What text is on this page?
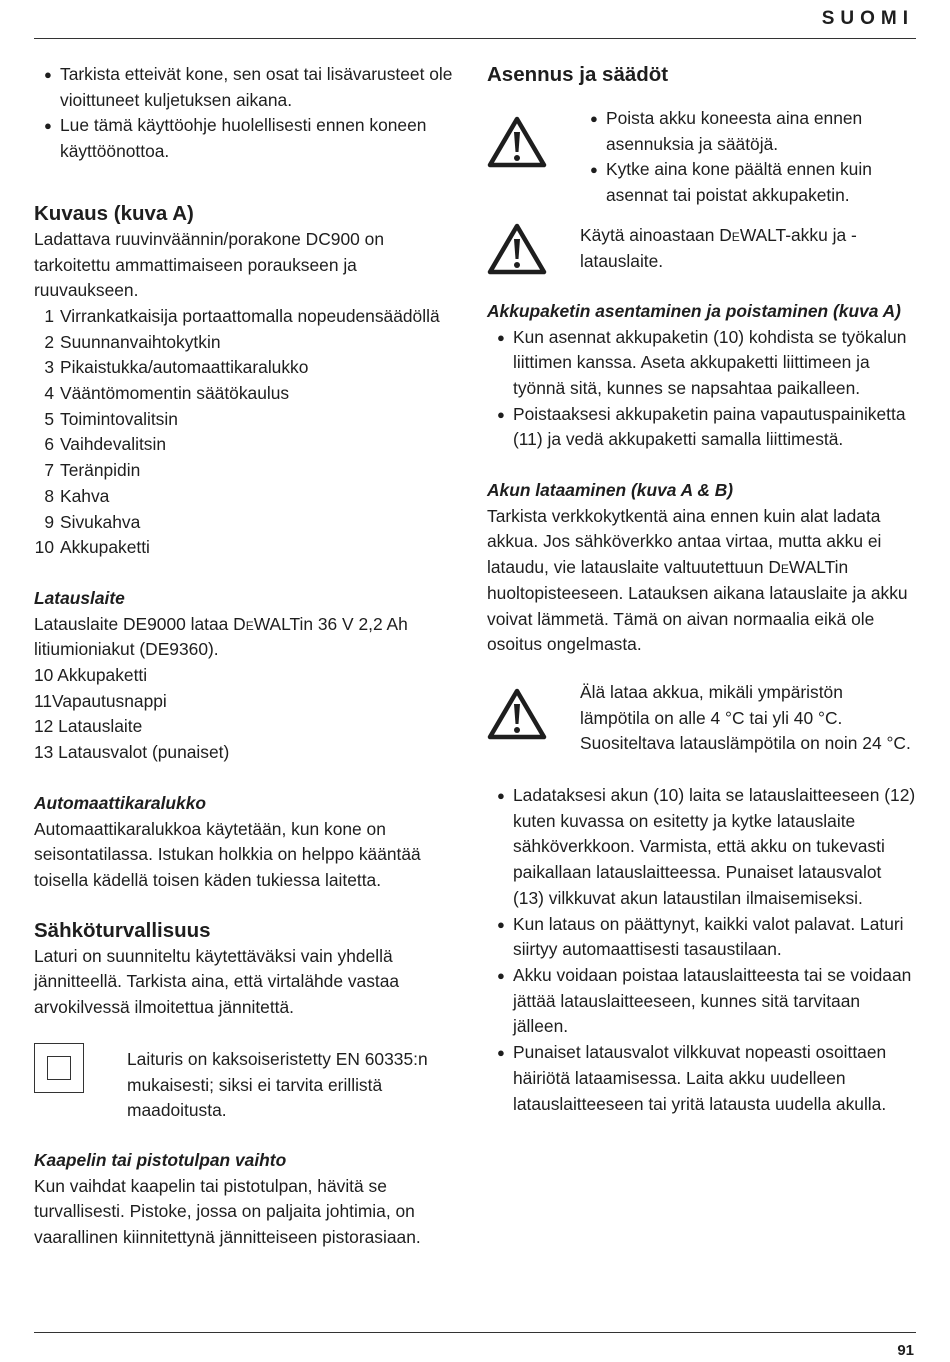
SUOMI

● Tarkista etteivät kone, sen osat tai lisävarusteet ole vioittuneet kuljetuksen aikana.

● Lue tämä käyttöohje huolellisesti ennen koneen käyttöönottoa.

Kuvaus (kuva A)

Ladattava ruuvinväännin/porakone DC900 on tarkoitettu ammattimaiseen poraukseen ja ruuvaukseen.

1 Virrankatkaisija portaattomalla nopeudensäädöllä

2 Suunnanvaihtokytkin

3 Pikaistukka/automaattikaralukko

4 Vääntömomentin säätökaulus

5 Toimintovalitsin

6 Vaihdevalitsin

7 Teränpidin

8 Kahva

9 Sivukahva

10 Akkupaketti

Latauslaite

Latauslaite DE9000 lataa DeWALTin 36 V 2,2 Ah litiumioniakut (DE9360).

10 Akkupaketti

11Vapautusnappi

12 Latauslaite

13 Latausvalot (punaiset)

Automaattikaralukko

Automaattikaralukkoa käytetään, kun kone on seisontatilassa. Istukan holkkia on helppo kääntää toisella kädellä toisen käden tukiessa laitetta.

Sähköturvallisuus

Laturi on suunniteltu käytettäväksi vain yhdellä jännitteellä. Tarkista aina, että virtalähde vastaa arvokilvessä ilmoitettua jännitettä.

Laituris on kaksoiseristetty EN 60335:n mukaisesti; siksi ei tarvita erillistä maadoitusta.

Kaapelin tai pistotulpan vaihto

Kun vaihdat kaapelin tai pistotulpan, hävitä se turvallisesti. Pistoke, jossa on paljaita johtimia, on vaarallinen kiinnitettynä jännitteiseen pistorasiaan.

Asennus ja säädöt

● Poista akku koneesta aina ennen asennuksia ja säätöjä.

● Kytke aina kone päältä ennen kuin asennat tai poistat akkupaketin.

Käytä ainoastaan DeWALT-akku ja -latauslaite.

Akkupaketin asentaminen ja poistaminen (kuva A)

● Kun asennat akkupaketin (10) kohdista se työkalun liittimen kanssa. Aseta akkupaketti liittimeen ja työnnä sitä, kunnes se napsahtaa paikalleen.

● Poistaaksesi akkupaketin paina vapautuspainiketta (11) ja vedä akkupaketti samalla liittimestä.

Akun lataaminen (kuva A & B)

Tarkista verkkokytkentä aina ennen kuin alat ladata akkua. Jos sähköverkko antaa virtaa, mutta akku ei lataudu, vie latauslaite valtuutettuun DeWALTin huoltopisteeseen. Latauksen aikana latauslaite ja akku voivat lämmetä. Tämä on aivan normaalia eikä ole osoitus ongelmasta.

Älä lataa akkua, mikäli ympäristön lämpötila on alle 4 °C tai yli 40 °C. Suositeltava latauslämpötila on noin 24 °C.

● Ladataksesi akun (10) laita se latauslaitteeseen (12) kuten kuvassa on esitetty ja kytke latauslaite sähköverkkoon. Varmista, että akku on tukevasti paikallaan latauslaitteessa. Punaiset latausvalot (13) vilkkuvat akun lataustilan ilmaisemiseksi.

● Kun lataus on päättynyt, kaikki valot palavat. Laturi siirtyy automaattisesti tasaustilaan.

● Akku voidaan poistaa latauslaitteesta tai se voidaan jättää latauslaitteeseen, kunnes sitä tarvitaan jälleen.

● Punaiset latausvalot vilkkuvat nopeasti osoittaen häiriötä lataamisessa. Laita akku uudelleen latauslaitteeseen tai yritä latausta uudella akulla.

91
